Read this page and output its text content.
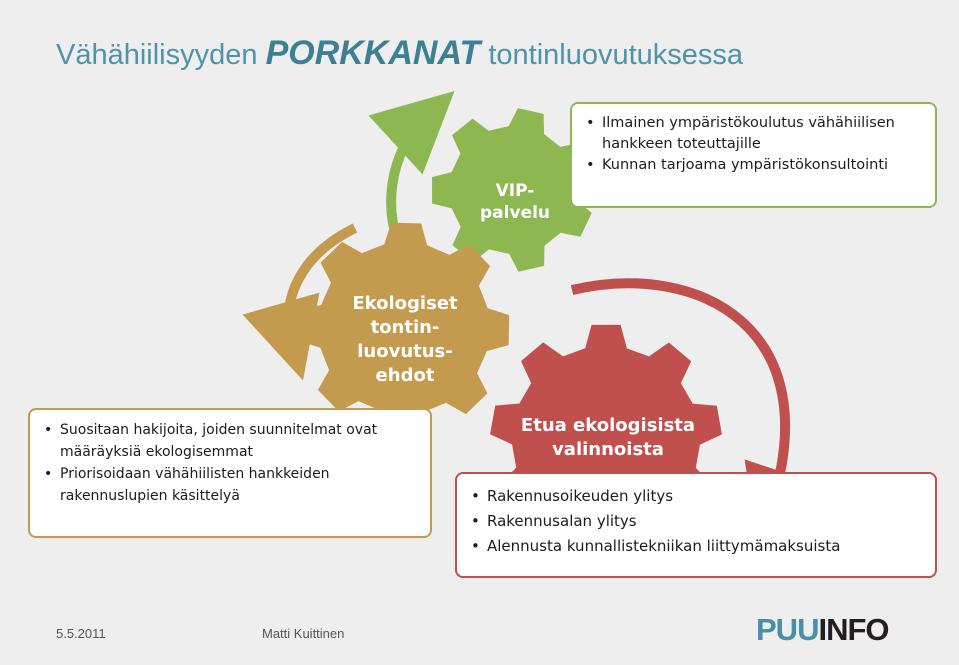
Vähähiilisyyden PORKKANAT tontinluovutuksessa
VIP-
palvelu
Ekologiset
tontin-
luovutus-
ehdot
Etua ekologisista
valinnoista
• Ilmainen ympäristökoulutus vähähiilisen hankkeen toteuttajille
• Kunnan tarjoama ympäristökonsultointi
• Suositaan hakijoita, joiden suunnitelmat ovat määräyksiä ekologisemmat
• Priorisoidaan vähähiilisten hankkeiden rakennuslupien käsittelyä
•	Rakennusoikeuden ylitys
• Rakennusalan ylitys
• Alennusta kunnallistekniikan liittymämaksuista
5.5.2011	Matti Kuittinen	PUUINFO
